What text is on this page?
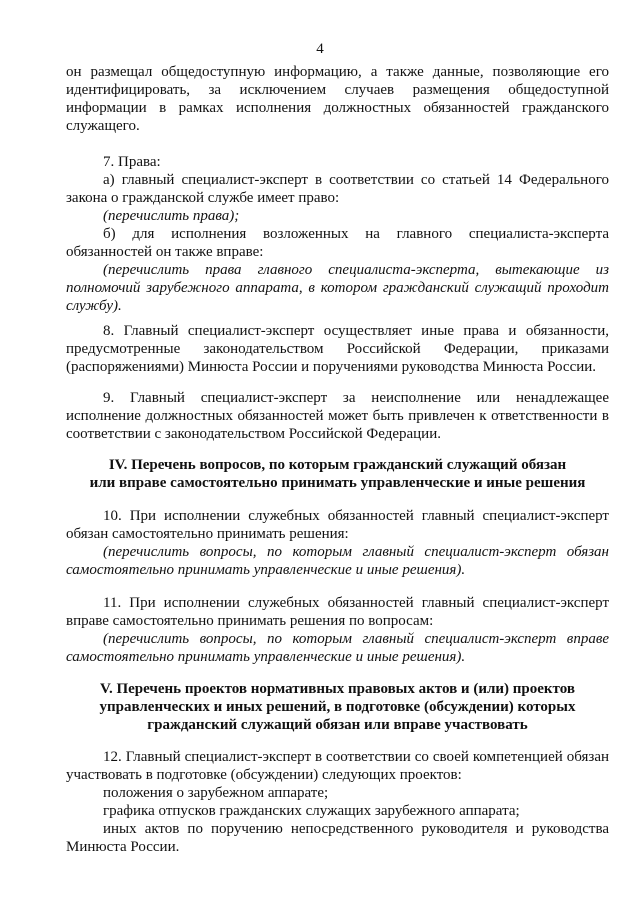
4

он размещал общедоступную информацию, а также данные, позволяющие его идентифицировать, за исключением случаев размещения общедоступной информации в рамках исполнения должностных обязанностей гражданского служащего.

7. Права:

а) главный специалист-эксперт в соответствии со статьей 14 Федерального закона о гражданской службе имеет право:

(перечислить права);

б) для исполнения возложенных на главного специалиста-эксперта обязанностей он также вправе:

(перечислить права главного специалиста-эксперта, вытекающие из полномочий зарубежного аппарата, в котором гражданский служащий проходит службу).

8. Главный специалист-эксперт осуществляет иные права и обязанности, предусмотренные законодательством Российской Федерации, приказами (распоряжениями) Минюста России и поручениями руководства Минюста России.

9. Главный специалист-эксперт за неисполнение или ненадлежащее исполнение должностных обязанностей может быть привлечен к ответственности в соответствии с законодательством Российской Федерации.

IV. Перечень вопросов, по которым гражданский служащий обязан

или вправе самостоятельно принимать управленческие и иные решения

10. При исполнении служебных обязанностей главный специалист-эксперт обязан самостоятельно принимать решения:

(перечислить вопросы, по которым главный специалист-эксперт обязан самостоятельно принимать управленческие и иные решения).

11. При исполнении служебных обязанностей главный специалист-эксперт вправе самостоятельно принимать решения по вопросам:

(перечислить вопросы, по которым главный специалист-эксперт вправе самостоятельно принимать управленческие и иные решения).

V. Перечень проектов нормативных правовых актов и (или) проектов

управленческих и иных решений, в подготовке (обсуждении) которых

гражданский служащий обязан или вправе участвовать

12. Главный специалист-эксперт в соответствии со своей компетенцией обязан участвовать в подготовке (обсуждении) следующих проектов:

положения о зарубежном аппарате;

графика отпусков гражданских служащих зарубежного аппарата;

иных актов по поручению непосредственного руководителя и руководства Минюста России.
